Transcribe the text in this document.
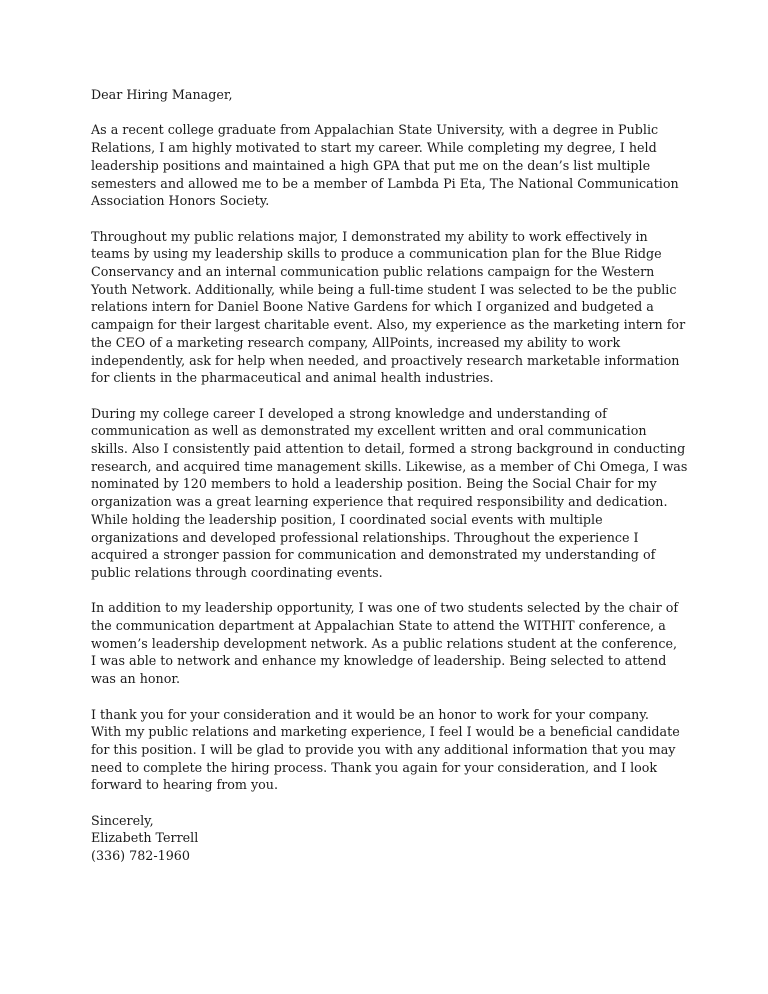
Dear Hiring Manager,
As a recent college graduate from Appalachian State University, with a degree in Public
Relations, I am highly motivated to start my career. While completing my degree, I held
leadership positions and maintained a high GPA that put me on the dean’s list multiple
semesters and allowed me to be a member of Lambda Pi Eta, The National Communication
Association Honors Society.
Throughout my public relations major, I demonstrated my ability to work effectively in
teams by using my leadership skills to produce a communication plan for the Blue Ridge
Conservancy and an internal communication public relations campaign for the Western
Youth Network. Additionally, while being a full-time student I was selected to be the public
relations intern for Daniel Boone Native Gardens for which I organized and budgeted a
campaign for their largest charitable event. Also, my experience as the marketing intern for
the CEO of a marketing research company, AllPoints, increased my ability to work
independently, ask for help when needed, and proactively research marketable information
for clients in the pharmaceutical and animal health industries.
During my college career I developed a strong knowledge and understanding of
communication as well as demonstrated my excellent written and oral communication
skills. Also I consistently paid attention to detail, formed a strong background in conducting
research, and acquired time management skills. Likewise, as a member of Chi Omega, I was
nominated by 120 members to hold a leadership position. Being the Social Chair for my
organization was a great learning experience that required responsibility and dedication.
While holding the leadership position, I coordinated social events with multiple
organizations and developed professional relationships. Throughout the experience I
acquired a stronger passion for communication and demonstrated my understanding of
public relations through coordinating events.
In addition to my leadership opportunity, I was one of two students selected by the chair of
the communication department at Appalachian State to attend the WITHIT conference, a
women’s leadership development network. As a public relations student at the conference,
I was able to network and enhance my knowledge of leadership. Being selected to attend
was an honor.
I thank you for your consideration and it would be an honor to work for your company.
With my public relations and marketing experience, I feel I would be a beneficial candidate
for this position. I will be glad to provide you with any additional information that you may
need to complete the hiring process. Thank you again for your consideration, and I look
forward to hearing from you.
Sincerely,
Elizabeth Terrell
(336) 782-1960
